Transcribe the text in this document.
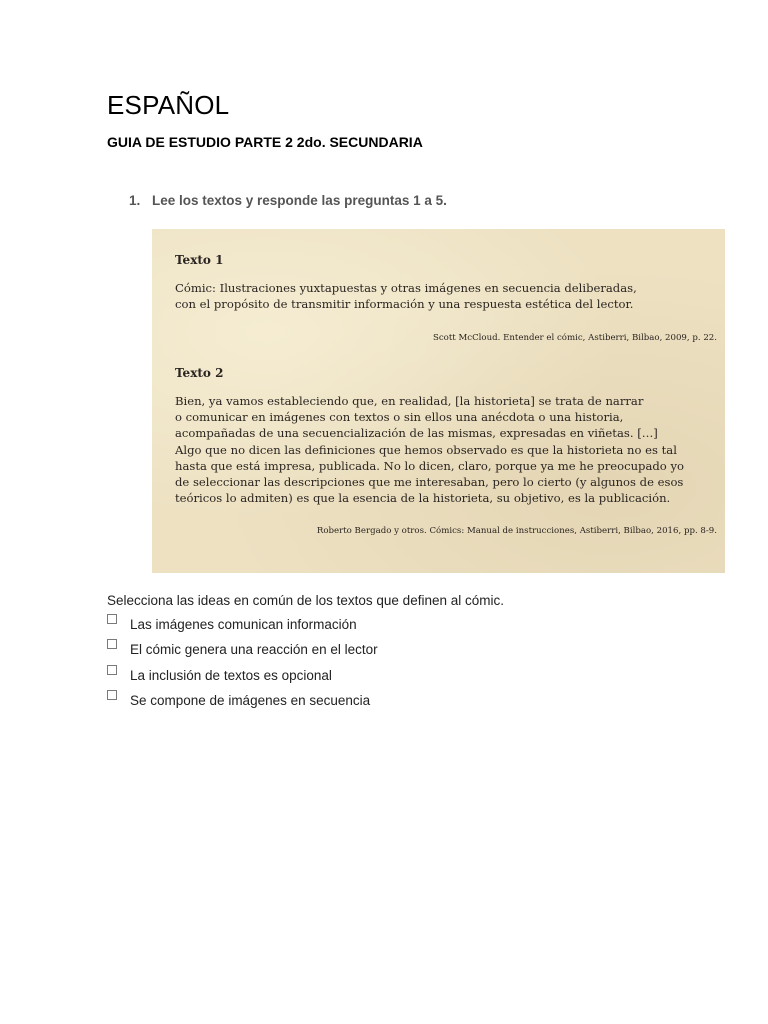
ESPAÑOL
GUIA DE ESTUDIO PARTE 2 2do. SECUNDARIA
1. Lee los textos y responde las preguntas 1 a 5.

Texto 1

Cómic: Ilustraciones yuxtapuestas y otras imágenes en secuencia deliberadas,
con el propósito de transmitir información y una respuesta estética del lector.

Scott McCloud. Entender el cómic, Astiberri, Bilbao, 2009, p. 22.

Texto 2

Bien, ya vamos estableciendo que, en realidad, [la historieta] se trata de narrar
o comunicar en imágenes con textos o sin ellos una anécdota o una historia,
acompañadas de una secuencialización de las mismas, expresadas en viñetas. […]
Algo que no dicen las definiciones que hemos observado es que la historieta no es tal
hasta que está impresa, publicada. No lo dicen, claro, porque ya me he preocupado yo
de seleccionar las descripciones que me interesaban, pero lo cierto (y algunos de esos
teóricos lo admiten) es que la esencia de la historieta, su objetivo, es la publicación.

Roberto Bergado y otros. Cómics: Manual de instrucciones, Astiberri, Bilbao, 2016, pp. 8-9.

Selecciona las ideas en común de los textos que definen al cómic.

Las imágenes comunican información
El cómic genera una reacción en el lector
La inclusión de textos es opcional
Se compone de imágenes en secuencia
